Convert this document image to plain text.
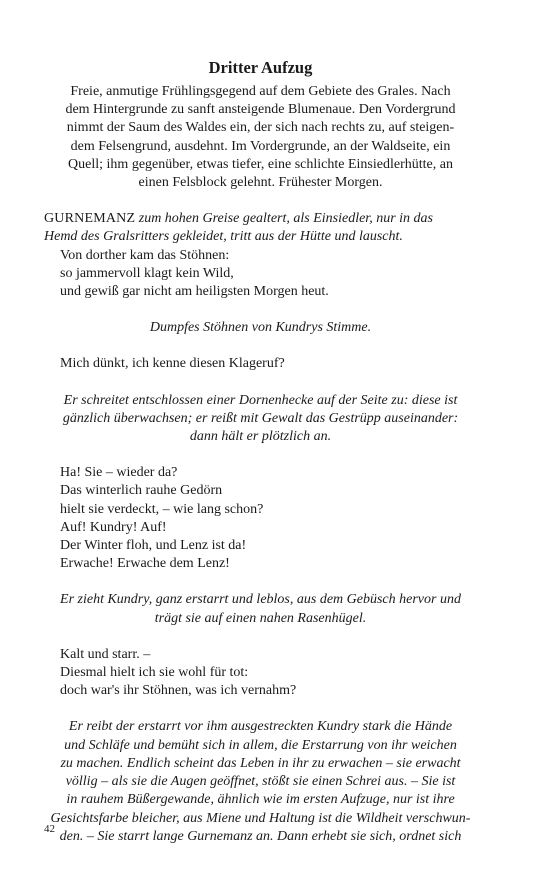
Dritter Aufzug
Freie, anmutige Frühlingsgegend auf dem Gebiete des Grales. Nach
dem Hintergrunde zu sanft ansteigende Blumenaue. Den Vordergrund
nimmt der Saum des Waldes ein, der sich nach rechts zu, auf steigen-
dem Felsengrund, ausdehnt. Im Vordergrunde, an der Waldseite, ein
Quell; ihm gegenüber, etwas tiefer, eine schlichte Einsiedlerhütte, an
einen Felsblock gelehnt. Frühester Morgen.
GURNEMANZ zum hohen Greise gealtert, als Einsiedler, nur in das
Hemd des Gralsritters gekleidet, tritt aus der Hütte und lauscht.
Von dorther kam das Stöhnen:
so jammervoll klagt kein Wild,
und gewiß gar nicht am heiligsten Morgen heut.
Dumpfes Stöhnen von Kundrys Stimme.
Mich dünkt, ich kenne diesen Klageruf?
Er schreitet entschlossen einer Dornenhecke auf der Seite zu: diese ist
gänzlich überwachsen; er reißt mit Gewalt das Gestrüpp auseinander:
dann hält er plötzlich an.
Ha! Sie – wieder da?
Das winterlich rauhe Gedörn
hielt sie verdeckt, – wie lang schon?
Auf! Kundry! Auf!
Der Winter floh, und Lenz ist da!
Erwache! Erwache dem Lenz!
Er zieht Kundry, ganz erstarrt und leblos, aus dem Gebüsch hervor und
trägt sie auf einen nahen Rasenhügel.
Kalt und starr. –
Diesmal hielt ich sie wohl für tot:
doch war's ihr Stöhnen, was ich vernahm?
Er reibt der erstarrt vor ihm ausgestreckten Kundry stark die Hände
und Schläfe und bemüht sich in allem, die Erstarrung von ihr weichen
zu machen. Endlich scheint das Leben in ihr zu erwachen – sie erwacht
völlig – als sie die Augen geöffnet, stößt sie einen Schrei aus. – Sie ist
in rauhem Büßergewande, ähnlich wie im ersten Aufzuge, nur ist ihre
Gesichtsfarbe bleicher, aus Miene und Haltung ist die Wildheit verschwun-
den. – Sie starrt lange Gurnemanz an. Dann erhebt sie sich, ordnet sich
42
